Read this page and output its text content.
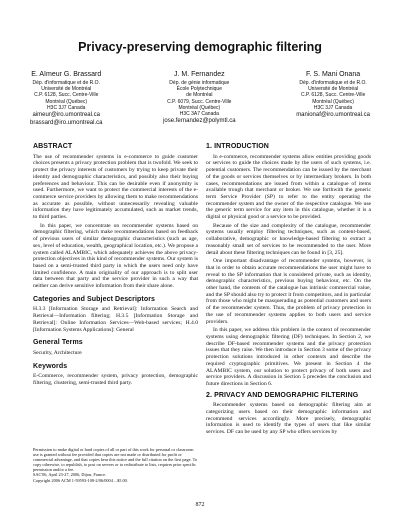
Privacy-preserving demographic filtering
E. Aïmeur G. Brassard
Dép. d'informatique et de R.O.
Université de Montréal
C.P. 6128, Succ. Centre-Ville
Montréal (Québec)
H3C 3J7 Canada
aimeur@iro.umontreal.ca
brassard@iro.umontreal.ca
J. M. Fernandez
Dép. de génie informatique
École Polytechnique
de Montréal
C.P. 6079, Succ. Centre-Ville
Montréal (Québec)
H3C 3A7 Canada
jose.fernandez@polymtl.ca
F. S. Mani Onana
Dép. d'informatique et de R.O.
Université de Montréal
C.P. 6128, Succ. Centre-Ville
Montréal (Québec)
H3C 3J7 Canada
manionaf@iro.umontreal.ca
ABSTRACT

The use of recommender systems in e-commerce to guide customer choices presents a privacy protection problem that is twofold. We seek to protect the privacy interests of customers by trying to keep private their identity and demographic characteristics, and possibly also their buying preferences and behaviour. This can be desirable even if anonymity is used. Furthermore, we want to protect the commercial interests of the e-commerce service providers by allowing them to make recommendations as accurate as possible, without unnecessarily revealing valuable information they have legitimately accumulated, such as market trends, to third parties.

In this paper, we concentrate on recommender systems based on demographic filtering, which make recommendations based on feedback of previous users of similar demographic characteristics (such as age, sex, level of education, wealth, geographical location, etc.). We propose a system called ALAMBIC, which adequately achieves the above privacy-protection objectives in this kind of recommender systems. Our system is based on a semi-trusted third party in which the users need only have limited confidence. A main originality of our approach is to split user data between that party and the service provider in such a way that neither can derive sensitive information from their share alone.

Categories and Subject Descriptors

H.3.3 [Information Storage and Retrieval]: Information Search and Retrieval—Information filtering; H.3.5 [Information Storage and Retrieval]: Online Information Services—Web-based services; H.4.0 [Information Systems Applications]: General

General Terms

Security, Architecture

Keywords

E-Commerce, recommender system, privacy protection, demographic filtering, clustering, semi-trusted third party.

Permission to make digital or hard copies of all or part of this work for personal or classroom use is granted without fee provided that copies are not made or distributed for profit or commercial advantage, and that copies bear this notice and the full citation on the first page. To copy otherwise, to republish, to post on servers or to redistribute to lists, requires prior specific permission and/or a fee.

SAC'06, April 23-27, 2006, Dijon, France.

Copyright 2006 ACM 1-59593-108-2/06/0004 ...$5.00.

1. INTRODUCTION

In e-commerce, recommender systems allow entities providing goods or services to guide the choices made by the users of such systems, i.e. potential customers. The recommendation can be issued by the merchant of the goods or services themselves or by intermediary brokers. In both cases, recommendations are issued from within a catalogue of items available trough that merchant or broker. We use forthwith the generic term Service Provider (SP) to refer to the entity operating the recommender system and the owner of the respective catalogue. We use the generic term service for any item in this catalogue, whether it is a digital or physical good or a service to be provided.

Because of the size and complexity of the catalogue, recommender systems usually employ filtering techniques, such as content-based, collaborative, demographic or knowledge-based filtering to extract a reasonably small set of services to be recommended to the user. More detail about these filtering techniques can be found in [3, 25].

One important disadvantage of recommender systems, however, is that in order to obtain accurate recommendations the user might have to reveal to the SP information that is considered private, such as identity, demographic characteristics, previous buying behaviour, etc. On the other hand, the contents of the catalogue has intrinsic commercial value, and the SP should also try to protect it from competitors, and in particular from those who might be masquerading as potential customers and users of the recommender system. Thus, the problem of privacy protection in the use of recommender systems applies to both users and service providers.

In this paper, we address this problem in the context of recommender systems using demographic filtering (DF) techniques. In Section 2, we describe DF-based recommender systems and the privacy protection issues that they raise. We then introduce in Section 3 some of the privacy protection solutions introduced in other contexts and describe the required cryptographic primitives. We present in Section 4 the ALAMBIC system, our solution to protect privacy of both users and service providers. A discussion in Section 5 precedes the conclusion and future directions in Section 6.

2. PRIVACY AND DEMOGRAPHIC FILTERING

Recommender systems based on demographic filtering aim at categorizing users based on their demographic information and recommend services accordingly. More precisely, demographic information is used to identify the types of users that like similar services. DF can be used by any SP who offers services by

872
